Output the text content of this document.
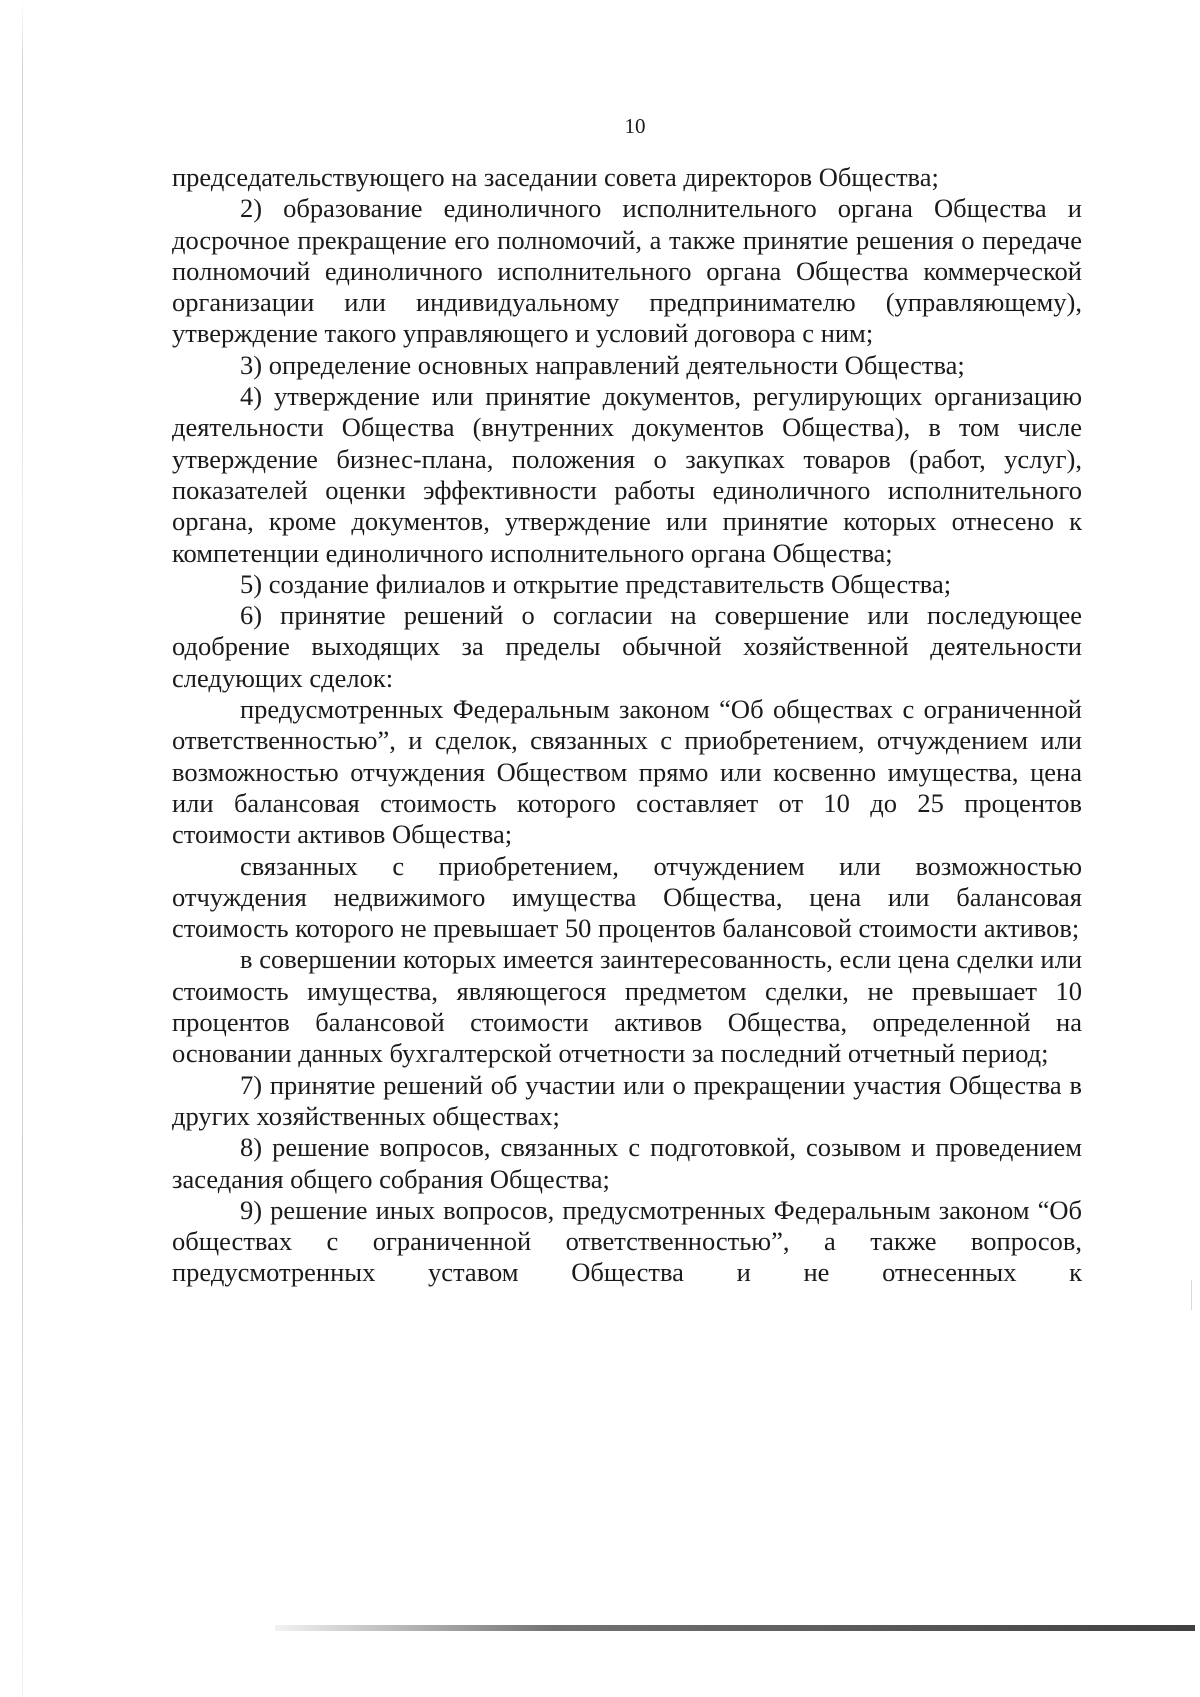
10

председательствующего на заседании совета директоров Общества;

2) образование единоличного исполнительного органа Общества и досрочное прекращение его полномочий, а также принятие решения о передаче полномочий единоличного исполнительного органа Общества коммерческой организации или индивидуальному предпринимателю (управляющему), утверждение такого управляющего и условий договора с ним;

3) определение основных направлений деятельности Общества;

4) утверждение или принятие документов, регулирующих организацию деятельности Общества (внутренних документов Общества), в том числе утверждение бизнес-плана, положения о закупках товаров (работ, услуг), показателей оценки эффективности работы единоличного исполнительного органа, кроме документов, утверждение или принятие которых отнесено к компетенции единоличного исполнительного органа Общества;

5) создание филиалов и открытие представительств Общества;

6) принятие решений о согласии на совершение или последующее одобрение выходящих за пределы обычной хозяйственной деятельности следующих сделок:

предусмотренных Федеральным законом “Об обществах с ограниченной ответственностью”, и сделок, связанных с приобретением, отчуждением или возможностью отчуждения Обществом прямо или косвенно имущества, цена или балансовая стоимость которого составляет от 10 до 25 процентов стоимости активов Общества;

связанных с приобретением, отчуждением или возможностью отчуждения недвижимого имущества Общества, цена или балансовая стоимость которого не превышает 50 процентов балансовой стоимости активов;

в совершении которых имеется заинтересованность, если цена сделки или стоимость имущества, являющегося предметом сделки, не превышает 10 процентов балансовой стоимости активов Общества, определенной на основании данных бухгалтерской отчетности за последний отчетный период;

7) принятие решений об участии или о прекращении участия Общества в других хозяйственных обществах;

8) решение вопросов, связанных с подготовкой, созывом и проведением заседания общего собрания Общества;

9) решение иных вопросов, предусмотренных Федеральным законом “Об обществах с ограниченной ответственностью”, а также вопросов, предусмотренных уставом Общества и не отнесенных к
